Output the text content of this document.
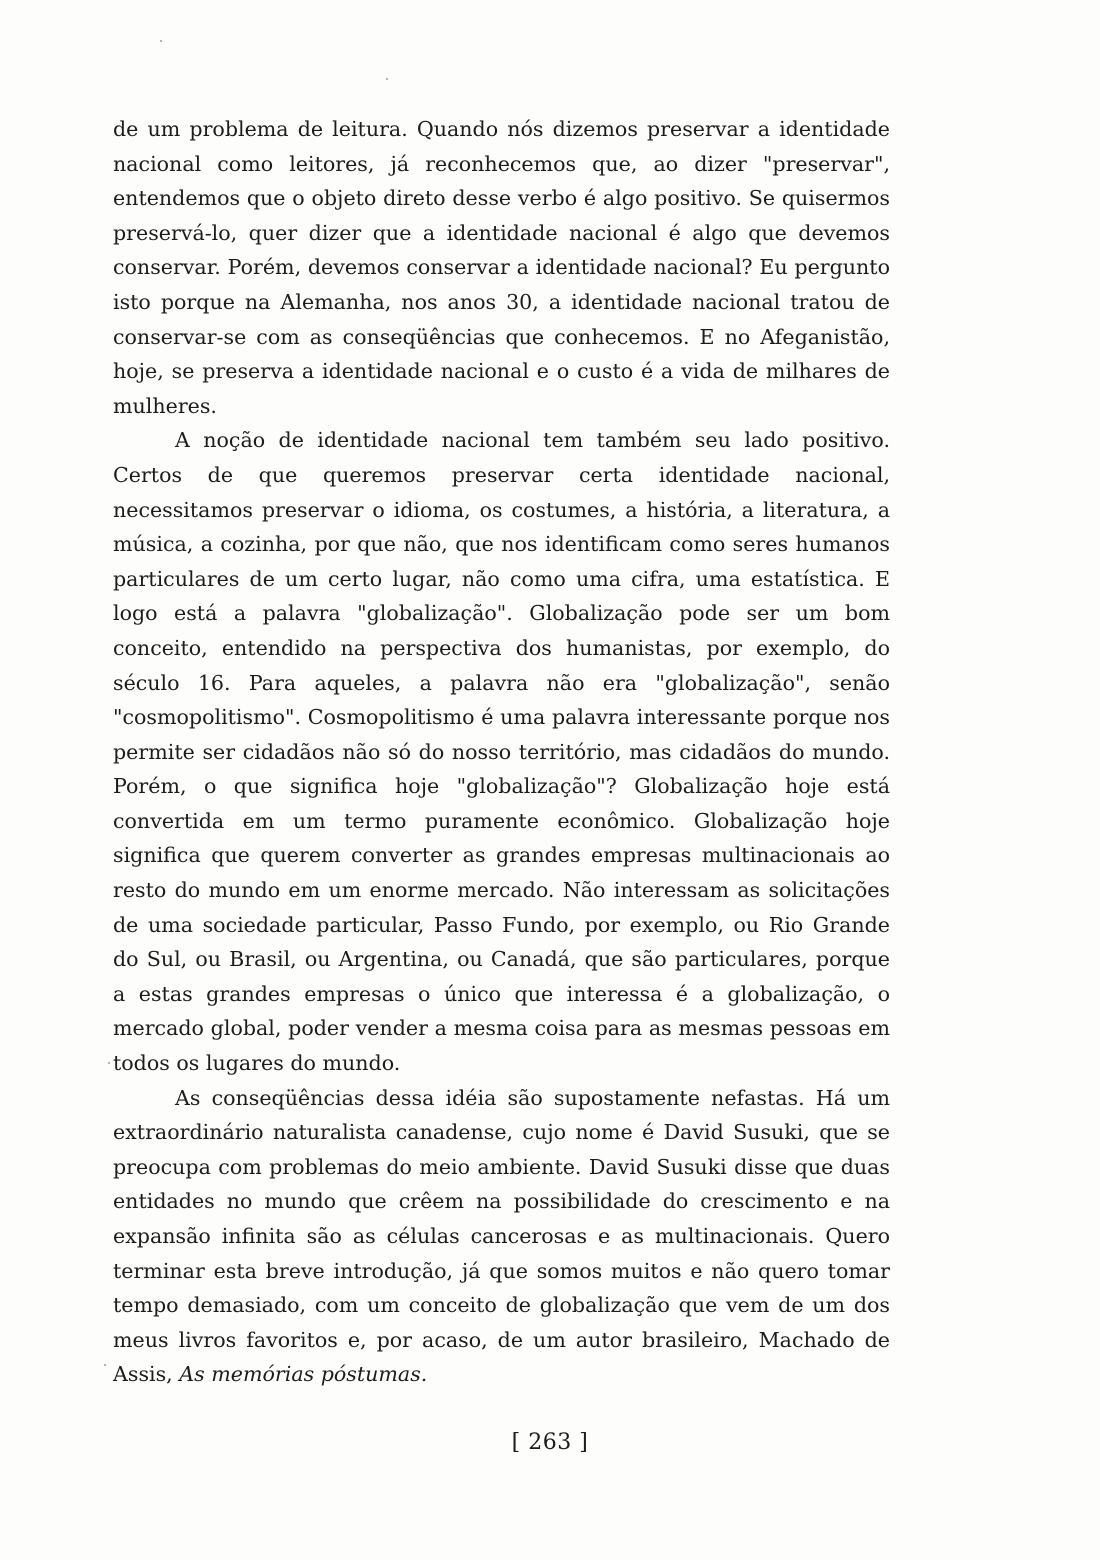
de um problema de leitura. Quando nós dizemos preservar a identidade nacional como leitores, já reconhecemos que, ao dizer "preservar", entendemos que o objeto direto desse verbo é algo positivo. Se quisermos preservá-lo, quer dizer que a identidade nacional é algo que devemos conservar. Porém, devemos conservar a identidade nacional? Eu pergunto isto porque na Alemanha, nos anos 30, a identidade nacional tratou de conservar-se com as conseqüências que conhecemos. E no Afeganistão, hoje, se preserva a identidade nacional e o custo é a vida de milhares de mulheres.

A noção de identidade nacional tem também seu lado positivo. Certos de que queremos preservar certa identidade nacional, necessitamos preservar o idioma, os costumes, a história, a literatura, a música, a cozinha, por que não, que nos identificam como seres humanos particulares de um certo lugar, não como uma cifra, uma estatística. E logo está a palavra "globalização". Globalização pode ser um bom conceito, entendido na perspectiva dos humanistas, por exemplo, do século 16. Para aqueles, a palavra não era "globalização", senão "cosmopolitismo". Cosmopolitismo é uma palavra interessante porque nos permite ser cidadãos não só do nosso território, mas cidadãos do mundo. Porém, o que significa hoje "globalização"? Globalização hoje está convertida em um termo puramente econômico. Globalização hoje significa que querem converter as grandes empresas multinacionais ao resto do mundo em um enorme mercado. Não interessam as solicitações de uma sociedade particular, Passo Fundo, por exemplo, ou Rio Grande do Sul, ou Brasil, ou Argentina, ou Canadá, que são particulares, porque a estas grandes empresas o único que interessa é a globalização, o mercado global, poder vender a mesma coisa para as mesmas pessoas em todos os lugares do mundo.

As conseqüências dessa idéia são supostamente nefastas. Há um extraordinário naturalista canadense, cujo nome é David Susuki, que se preocupa com problemas do meio ambiente. David Susuki disse que duas entidades no mundo que crêem na possibilidade do crescimento e na expansão infinita são as células cancerosas e as multinacionais. Quero terminar esta breve introdução, já que somos muitos e não quero tomar tempo demasiado, com um conceito de globalização que vem de um dos meus livros favoritos e, por acaso, de um autor brasileiro, Machado de Assis, As memórias póstumas.

[ 263 ]
